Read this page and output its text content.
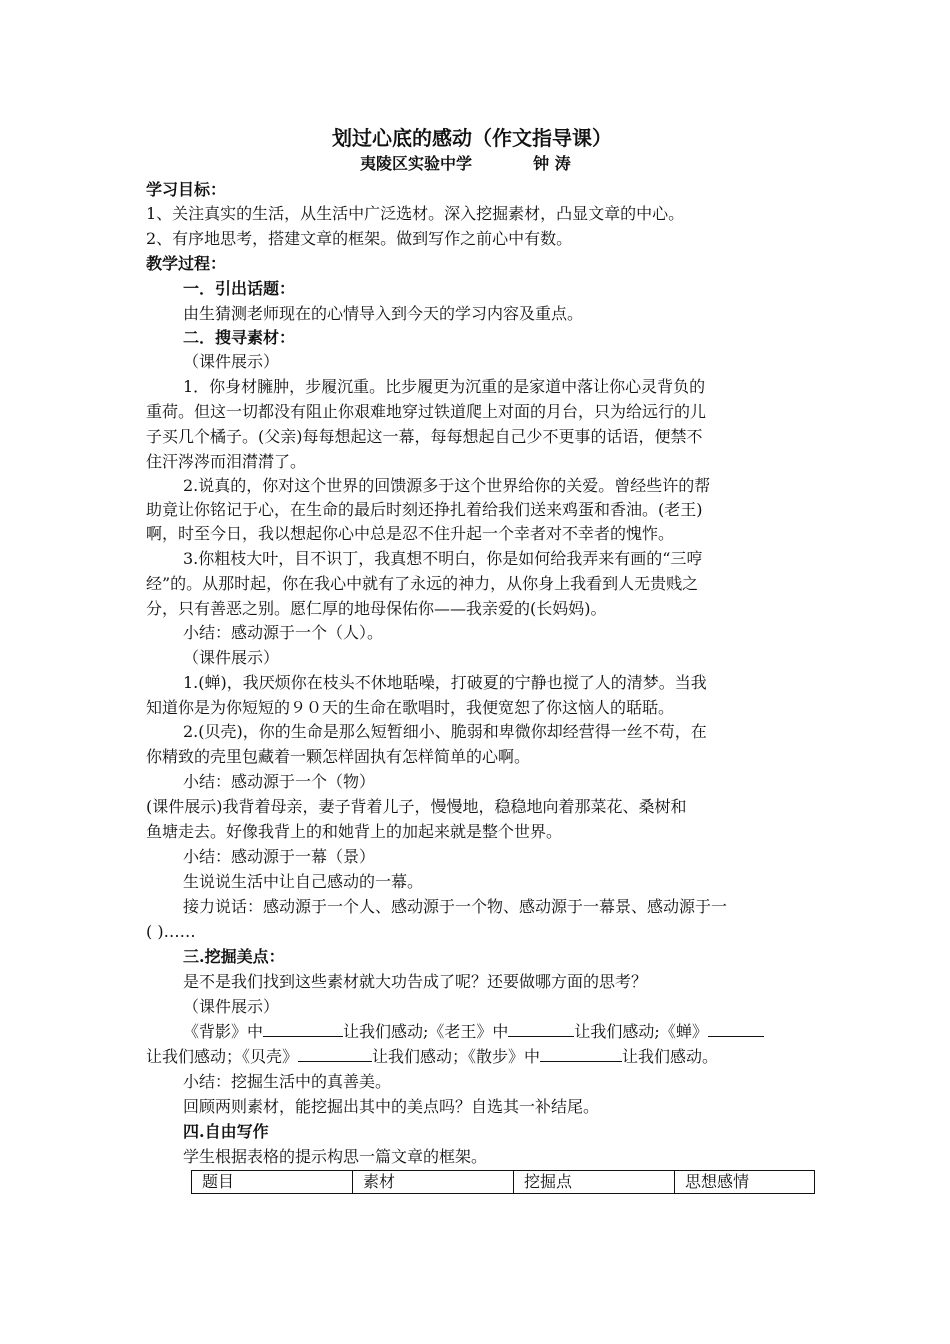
划过心底的感动（作文指导课）
夷陵区实验中学	钟 涛
学习目标：
1、关注真实的生活，从生活中广泛选材。深入挖掘素材，凸显文章的中心。
2、有序地思考，搭建文章的框架。做到写作之前心中有数。
教学过程：
一．引出话题：
由生猜测老师现在的心情导入到今天的学习内容及重点。
二．搜寻素材：
（课件展示）
1．你身材臃肿，步履沉重。比步履更为沉重的是家道中落让你心灵背负的
重荷。但这一切都没有阻止你艰难地穿过铁道爬上对面的月台，只为给远行的儿
子买几个橘子。(父亲)每每想起这一幕，每每想起自己少不更事的话语，便禁不
住汗涔涔而泪潸潸了。
2.说真的，你对这个世界的回馈源多于这个世界给你的关爱。曾经些许的帮
助竟让你铭记于心，在生命的最后时刻还挣扎着给我们送来鸡蛋和香油。(老王)
啊，时至今日，我以想起你心中总是忍不住升起一个幸者对不幸者的愧怍。
3.你粗枝大叶，目不识丁，我真想不明白，你是如何给我弄来有画的“三哼
经”的。从那时起，你在我心中就有了永远的神力，从你身上我看到人无贵贱之
分，只有善恶之别。愿仁厚的地母保佑你——我亲爱的(长妈妈)。
小结：感动源于一个（人）。
（课件展示）
1.(蝉)，我厌烦你在枝头不休地聒噪，打破夏的宁静也搅了人的清梦。当我
知道你是为你短短的９０天的生命在歌唱时，我便宽恕了你这恼人的聒聒。
2.(贝壳)，你的生命是那么短暂细小、脆弱和卑微你却经营得一丝不苟，在
你精致的壳里包藏着一颗怎样固执有怎样简单的心啊。
小结：感动源于一个（物）
(课件展示)我背着母亲，妻子背着儿子，慢慢地，稳稳地向着那菜花、桑树和
鱼塘走去。好像我背上的和她背上的加起来就是整个世界。
小结：感动源于一幕（景）
生说说生活中让自己感动的一幕。
接力说话：感动源于一个人、感动源于一个物、感动源于一幕景、感动源于一
( )……
三.挖掘美点：
是不是我们找到这些素材就大功告成了呢？还要做哪方面的思考？
（课件展示）
《背影》中	让我们感动;《老王》中	让我们感动;《蝉》
让我们感动；《贝壳》	让我们感动；《散步》中	让我们感动。
小结：挖掘生活中的真善美。
回顾两则素材，能挖掘出其中的美点吗？自选其一补结尾。
四.自由写作
学生根据表格的提示构思一篇文章的框架。
题目	素材	挖掘点	思想感情
